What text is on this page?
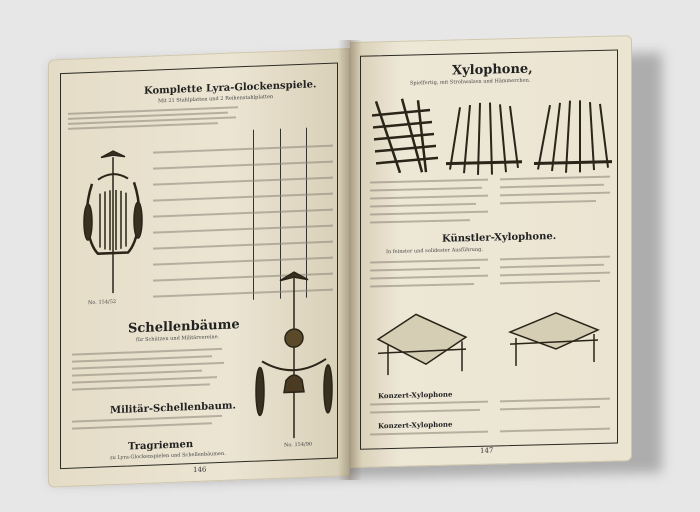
Komplette Lyra-Glockenspiele.
Mit 21 Stahlplatten und 2 Reihenstahlplatten
No. 154/52
Schellenbäume
für Schützen und Militärvereine.
Militär-Schellenbaum.
Tragriemen
zu Lyra-Glockenspielen und Schellenbäumen.
No. 154/90
146
Xylophone,
Spielfertig, mit Strohwalzen und Hämmerchen.
Künstler-Xylophone.
In feinster und solidester Ausführung.
Konzert-Xylophone
Konzert-Xylophone
147
